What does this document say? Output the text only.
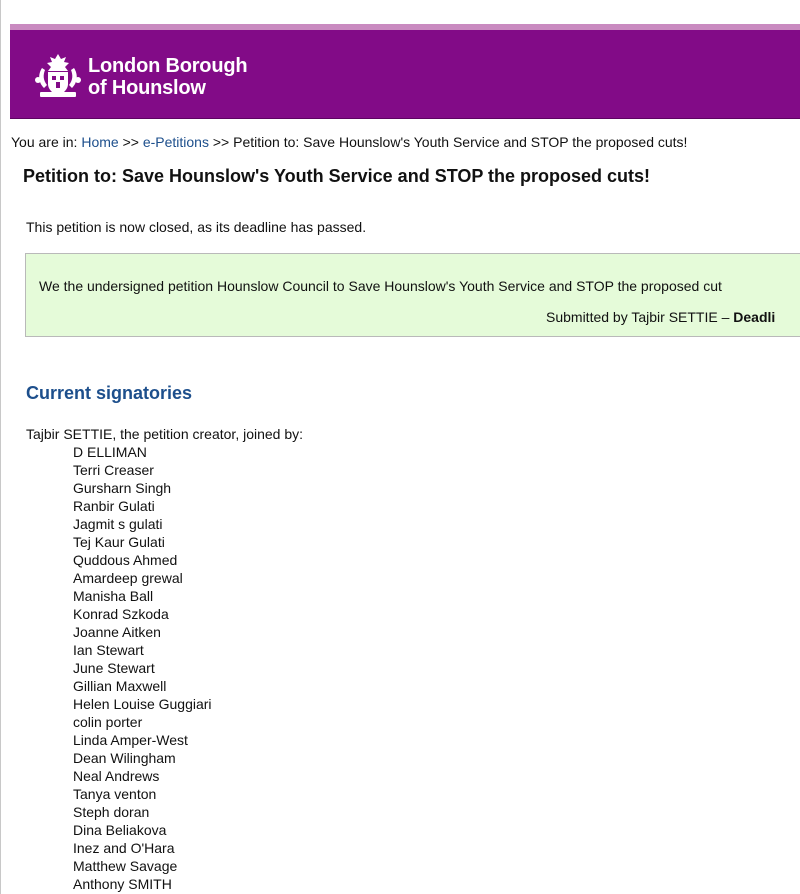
London Borough
of Hounslow
You are in: Home >> e-Petitions >> Petition to: Save Hounslow's Youth Service and STOP the proposed cuts!
Petition to: Save Hounslow's Youth Service and STOP the proposed cuts!
This petition is now closed, as its deadline has passed.
We the undersigned petition Hounslow Council to Save Hounslow's Youth Service and STOP the proposed cut
Submitted by Tajbir SETTIE – Deadli
Current signatories
Tajbir SETTIE, the petition creator, joined by:
D ELLIMAN
Terri Creaser
Gursharn Singh
Ranbir Gulati
Jagmit s gulati
Tej Kaur Gulati
Quddous Ahmed
Amardeep grewal
Manisha Ball
Konrad Szkoda
Joanne Aitken
Ian Stewart
June Stewart
Gillian Maxwell
Helen Louise Guggiari
colin porter
Linda Amper-West
Dean Wilingham
Neal Andrews
Tanya venton
Steph doran
Dina Beliakova
Inez and O'Hara
Matthew Savage
Anthony SMITH
